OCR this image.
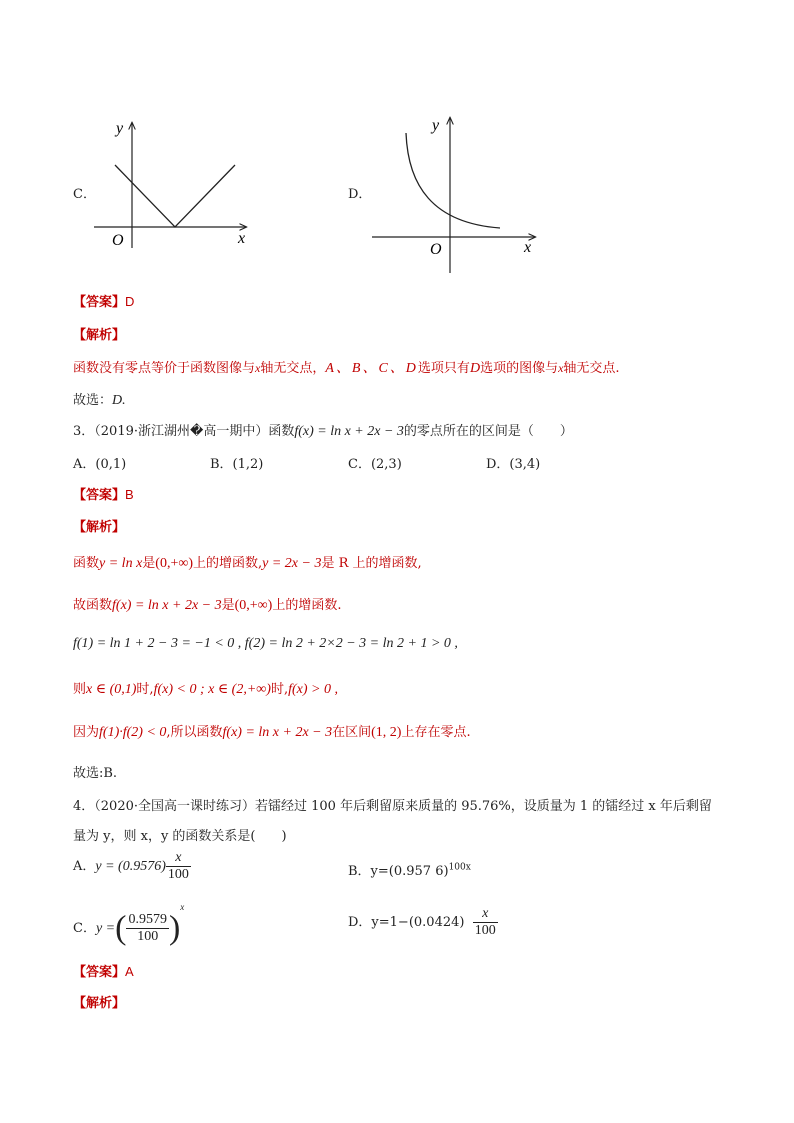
C．
y
x
O
D．
y
x
O
【答案】D
【解析】
函数没有零点等价于函数图像与x轴无交点，A、B、C、D选项只有D选项的图像与x轴无交点.
故选：D.
3．（2019·浙江湖州�高一期中）函数f(x) = ln x + 2x − 3的零点所在的区间是（　　）
A．(0,1)	B．(1,2)	C．(2,3)	D．(3,4)
【答案】B
【解析】
函数y = ln x是(0,+∞)上的增函数,y = 2x − 3是 R 上的增函数,
故函数f(x) = ln x + 2x − 3是(0,+∞)上的增函数.
f(1) = ln 1 + 2 − 3 = −1 < 0 , f(2) = ln 2 + 2×2 − 3 = ln 2 + 1 > 0 ,
则x ∈ (0,1)时,f(x) < 0 ; x ∈ (2,+∞)时,f(x) > 0 ,
因为f(1)·f(2) < 0,所以函数f(x) = ln x + 2x − 3在区间(1, 2)上存在零点.
故选:B.
4．（2020·全国高一课时练习）若镭经过 100 年后剩留原来质量的 95.76%，设质量为 1 的镭经过 x 年后剩留
量为 y，则 x，y 的函数关系是(　　)
A．$y = (0.9576) \frac{x}{100}$	B．y=(0.957 6)$^{100x}$
C．y =( $\frac{0.9579}{100} )^x$
D．$y=1-(0.0424) \frac{x}{100}$
【答案】A
【解析】
